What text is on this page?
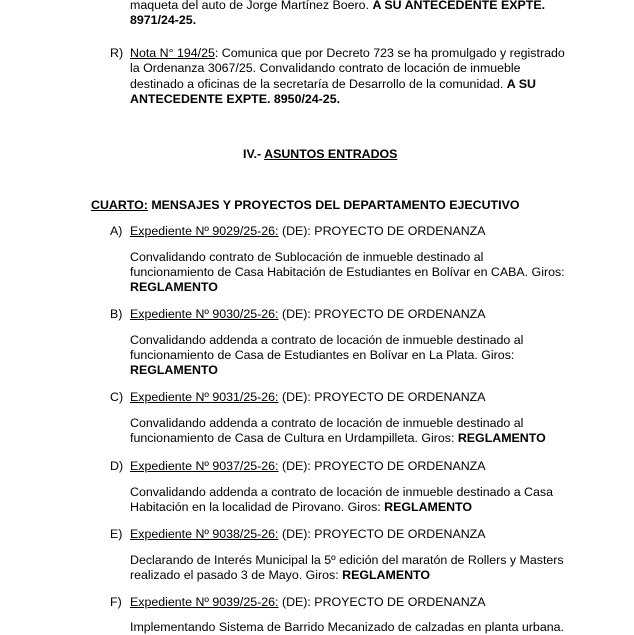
maqueta del auto de Jorge Martínez Boero. A SU ANTECEDENTE EXPTE.
8971/24-25.
R) Nota N° 194/25: Comunica que por Decreto 723 se ha promulgado y registrado
la Ordenanza 3067/25. Convalidando contrato de locación de inmueble
destinado a oficinas de la secretaría de Desarrollo de la comunidad. A SU
ANTECEDENTE EXPTE. 8950/24-25.
IV.- ASUNTOS ENTRADOS
CUARTO: MENSAJES Y PROYECTOS DEL DEPARTAMENTO EJECUTIVO
A) Expediente Nº 9029/25-26: (DE): PROYECTO DE ORDENANZA
Convalidando contrato de Sublocación de inmueble destinado al
funcionamiento de Casa Habitación de Estudiantes en Bolívar en CABA. Giros:
REGLAMENTO
B) Expediente Nº 9030/25-26: (DE): PROYECTO DE ORDENANZA
Convalidando addenda a contrato de locación de inmueble destinado al
funcionamiento de Casa de Estudiantes en Bolívar en La Plata. Giros:
REGLAMENTO
C) Expediente Nº 9031/25-26: (DE): PROYECTO DE ORDENANZA
Convalidando addenda a contrato de locación de inmueble destinado al
funcionamiento de Casa de Cultura en Urdampilleta. Giros: REGLAMENTO
D) Expediente Nº 9037/25-26: (DE): PROYECTO DE ORDENANZA
Convalidando addenda a contrato de locación de inmueble destinado a Casa
Habitación en la localidad de Pirovano. Giros: REGLAMENTO
E) Expediente Nº 9038/25-26: (DE): PROYECTO DE ORDENANZA
Declarando de Interés Municipal la 5º edición del maratón de Rollers y Masters
realizado el pasado 3 de Mayo. Giros: REGLAMENTO
F) Expediente Nº 9039/25-26: (DE): PROYECTO DE ORDENANZA
Implementando Sistema de Barrido Mecanizado de calzadas en planta urbana.
